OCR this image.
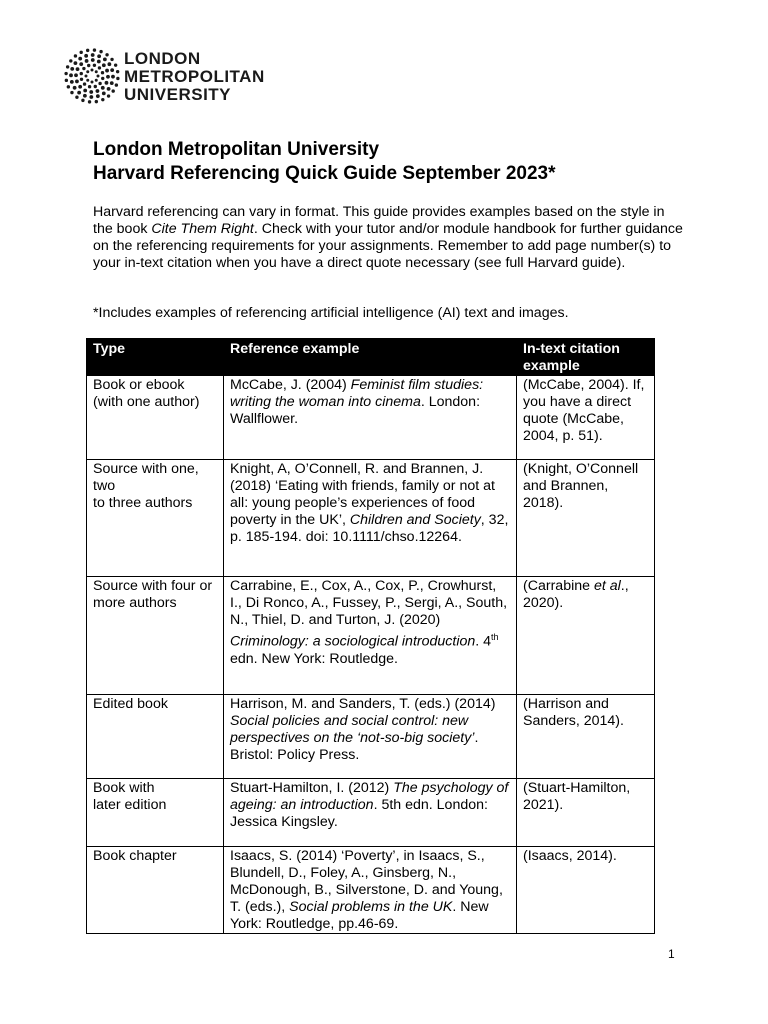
LONDON
METROPOLITAN
UNIVERSITY
London Metropolitan University
Harvard Referencing Quick Guide September 2023*
Harvard referencing can vary in format. This guide provides examples based on the style in the book Cite Them Right. Check with your tutor and/or module handbook for further guidance on the referencing requirements for your assignments. Remember to add page number(s) to your in-text citation when you have a direct quote necessary (see full Harvard guide).
*Includes examples of referencing artificial intelligence (AI) text and images.
Type	Reference example	In-text citation example

Book or ebook
(with one author)	McCabe, J. (2004) Feminist film studies: writing the woman into cinema. London: Wallflower.	(McCabe, 2004). If, you have a direct quote (McCabe, 2004, p. 51).

Source with one, two
to three authors	Knight, A, O’Connell, R. and Brannen, J. (2018) ‘Eating with friends, family or not at all: young people’s experiences of food poverty in the UK’, Children and Society, 32, p. 185-194. doi: 10.1111/chso.12264.	(Knight, O’Connell and Brannen, 2018).

Source with four or more authors	Carrabine, E., Cox, A., Cox, P., Crowhurst, I., Di Ronco, A., Fussey, P., Sergi, A., South, N., Thiel, D. and Turton, J. (2020) Criminology: a sociological introduction. 4th edn. New York: Routledge.	(Carrabine et al., 2020).

Edited book	Harrison, M. and Sanders, T. (eds.) (2014) Social policies and social control: new perspectives on the ‘not-so-big society’. Bristol: Policy Press.	(Harrison and Sanders, 2014).

Book with
later edition	Stuart-Hamilton, I. (2012) The psychology of ageing: an introduction. 5th edn. London: Jessica Kingsley.	(Stuart-Hamilton, 2021).

Book chapter	Isaacs, S. (2014) ‘Poverty’, in Isaacs, S., Blundell, D., Foley, A., Ginsberg, N., McDonough, B., Silverstone, D. and Young, T. (eds.), Social problems in the UK. New York: Routledge, pp.46-69.	(Isaacs, 2014).
1
